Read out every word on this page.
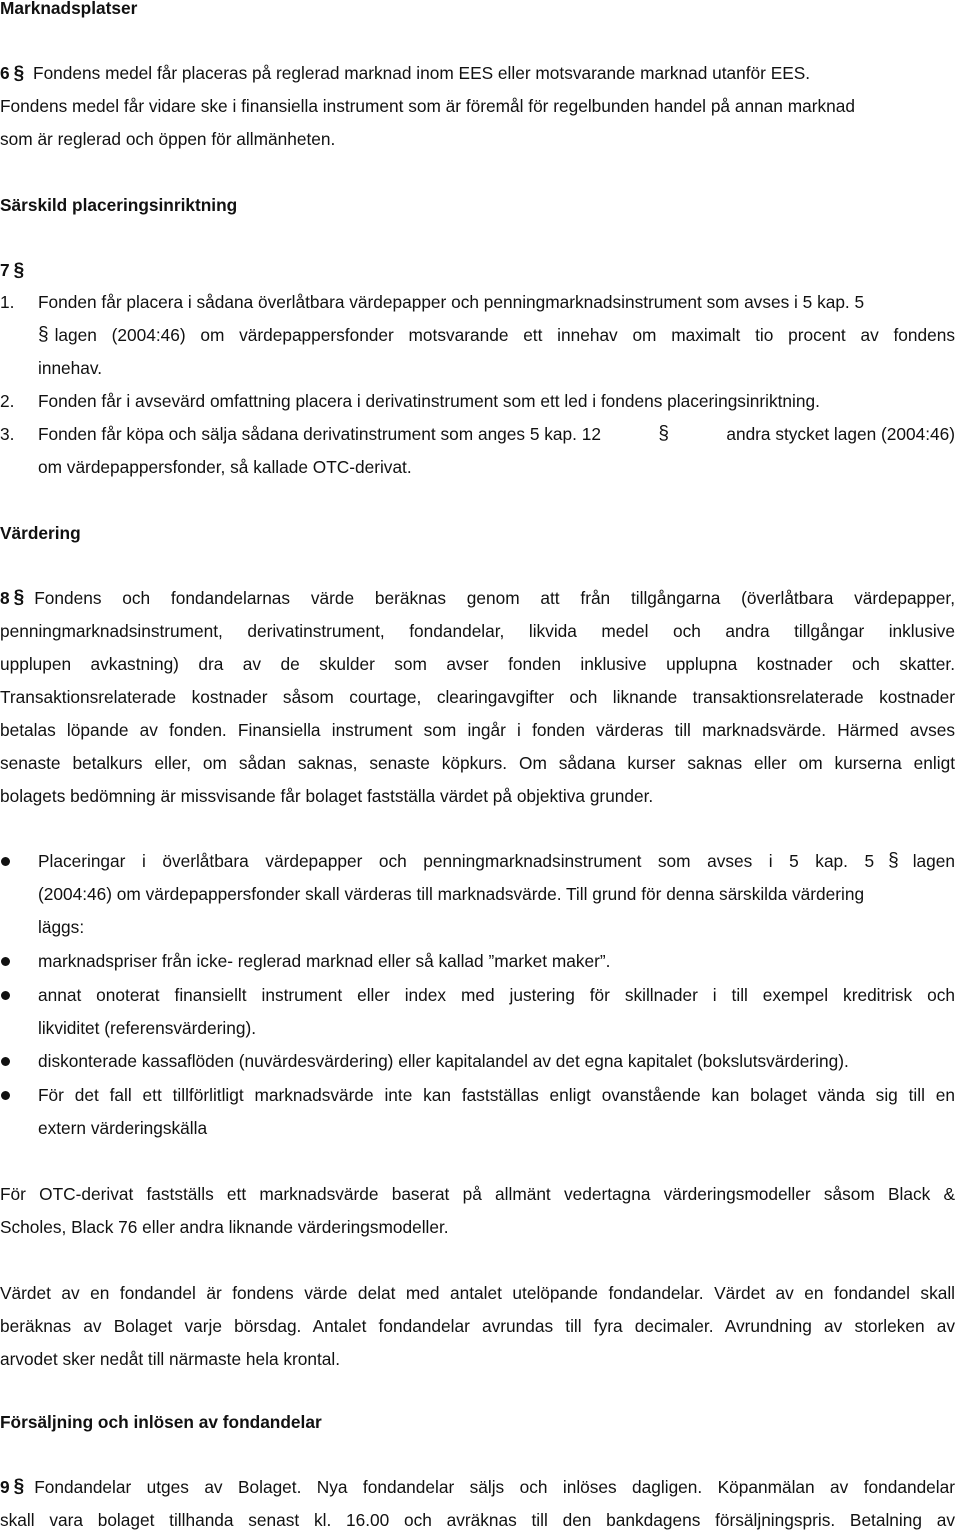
Marknadsplatser
6 § Fondens medel får placeras på reglerad marknad inom EES eller motsvarande marknad utanför EES.
Fondens medel får vidare ske i finansiella instrument som är föremål för regelbunden handel på annan marknad
som är reglerad och öppen för allmänheten.
Särskild placeringsinriktning
7 §
1. Fonden får placera i sådana överlåtbara värdepapper och penningmarknadsinstrument som avses i 5 kap. 5
§ lagen (2004:46) om värdepappersfonder motsvarande ett innehav om maximalt tio procent av fondens
innehav.
2. Fonden får i avsevärd omfattning placera i derivatinstrument som ett led i fondens placeringsinriktning.
3. Fonden får köpa och sälja sådana derivatinstrument som anges 5 kap. 12	§	andra stycket lagen (2004:46)
om värdepappersfonder, så kallade OTC-derivat.
Värdering
8 § Fondens och fondandelarnas värde beräknas genom att från tillgångarna (överlåtbara värdepapper,
penningmarknadsinstrument, derivatinstrument, fondandelar, likvida medel och andra tillgångar inklusive
upplupen avkastning) dra av de skulder som avser fonden inklusive upplupna kostnader och skatter.
Transaktionsrelaterade kostnader såsom courtage, clearingavgifter och liknande transaktionsrelaterade kostnader
betalas löpande av fonden. Finansiella instrument som ingår i fonden värderas till marknadsvärde. Härmed avses
senaste betalkurs eller, om sådan saknas, senaste köpkurs. Om sådana kurser saknas eller om kurserna enligt
bolagets bedömning är missvisande får bolaget fastställa värdet på objektiva grunder.
Placeringar i överlåtbara värdepapper och penningmarknadsinstrument som avses i 5 kap. 5 § lagen
(2004:46) om värdepappersfonder skall värderas till marknadsvärde. Till grund för denna särskilda värdering
läggs:
marknadspriser från icke- reglerad marknad eller så kallad ”market maker”.
annat onoterat finansiellt instrument eller index med justering för skillnader i till exempel kreditrisk och
likviditet (referensvärdering).
diskonterade kassaflöden (nuvärdesvärdering) eller kapitalandel av det egna kapitalet (bokslutsvärdering).
För det fall ett tillförlitligt marknadsvärde inte kan fastställas enligt ovanstående kan bolaget vända sig till en
extern värderingskälla
För OTC-derivat fastställs ett marknadsvärde baserat på allmänt vedertagna värderingsmodeller såsom Black &
Scholes, Black 76 eller andra liknande värderingsmodeller.
Värdet av en fondandel är fondens värde delat med antalet utelöpande fondandelar. Värdet av en fondandel skall
beräknas av Bolaget varje börsdag. Antalet fondandelar avrundas till fyra decimaler. Avrundning av storleken av
arvodet sker nedåt till närmaste hela krontal.
Försäljning och inlösen av fondandelar
9 § Fondandelar utges av Bolaget. Nya fondandelar säljs och inlöses dagligen. Köpanmälan av fondandelar
skall vara bolaget tillhanda senast kl. 16.00 och avräknas till den bankdagens försäljningspris. Betalning av
